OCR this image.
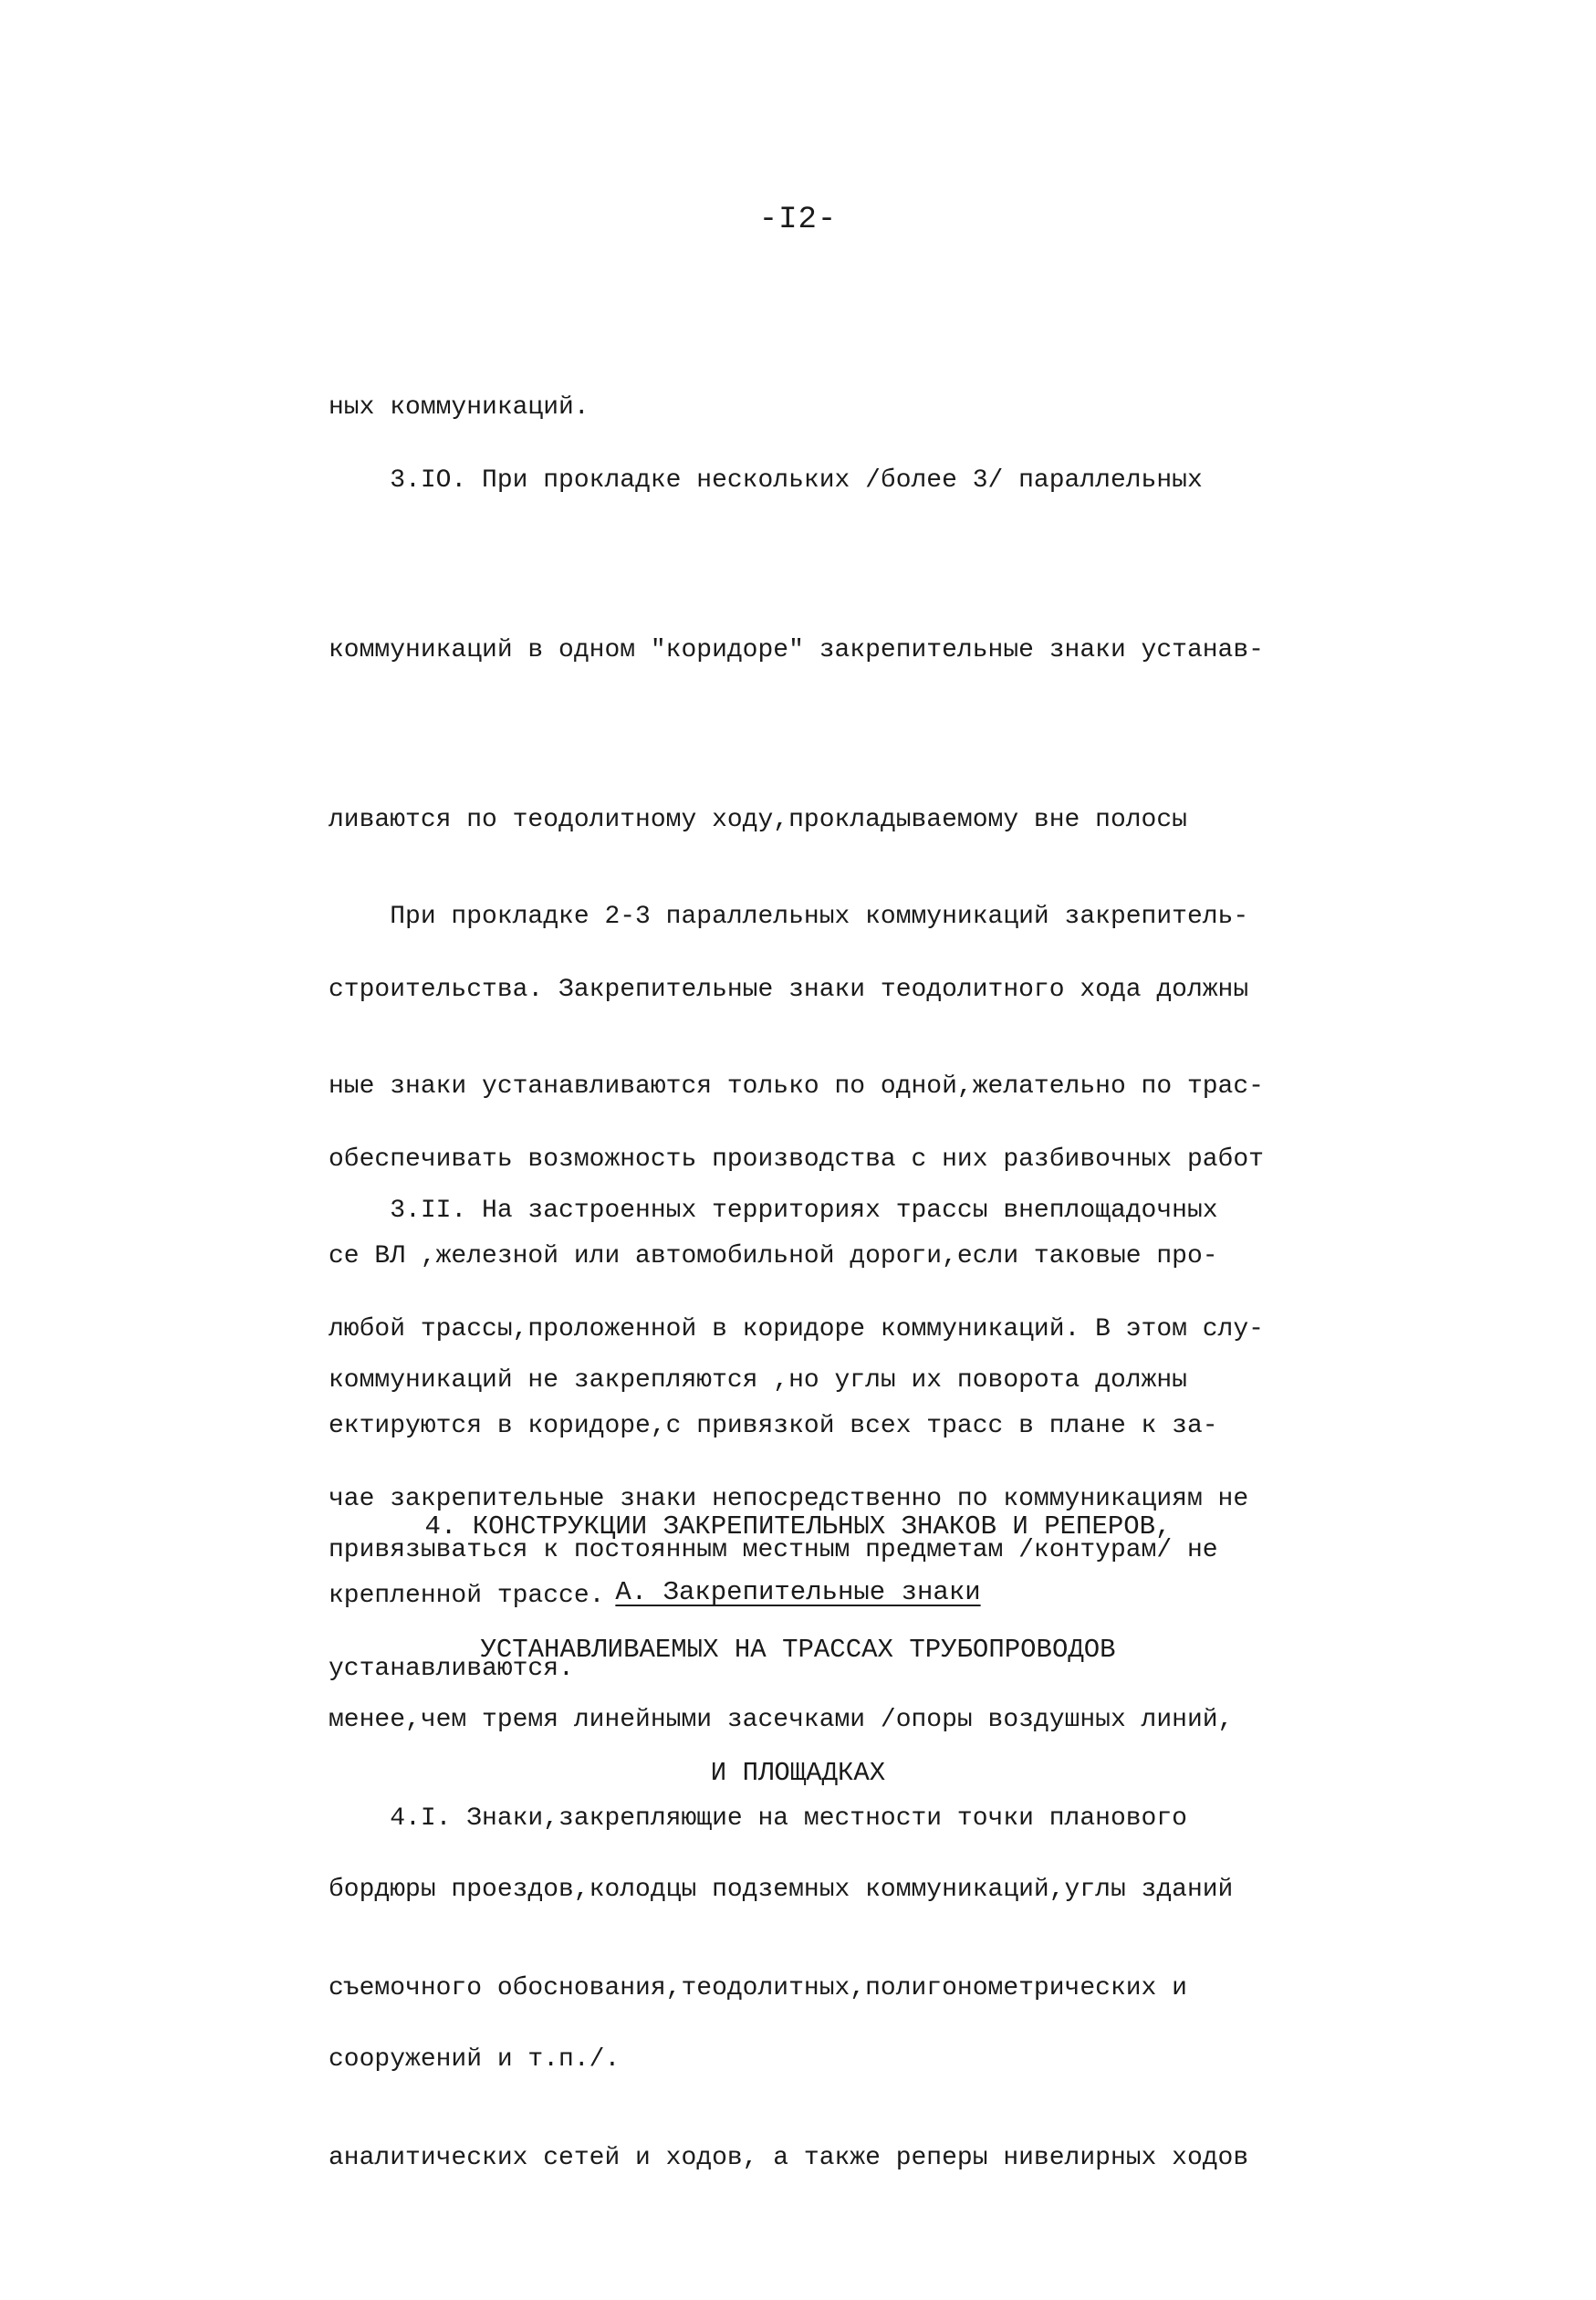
-I2-

ных коммуникаций.

3.IO. При прокладке нескольких /более 3/ параллельных

коммуникаций в одном "коридоре" закрепительные знаки устанав-

ливаются по теодолитному ходу,прокладываемому вне полосы

строительства. Закрепительные знаки теодолитного хода должны

обеспечивать возможность производства с них разбивочных работ

любой трассы,проложенной в коридоре коммуникаций. В этом слу-

чае закрепительные знаки непосредственно по коммуникациям не

устанавливаются.

При прокладке 2-3 параллельных коммуникаций закрепитель-

ные знаки устанавливаются только по одной,желательно по трас-

се ВЛ ,железной или автомобильной дороги,если таковые про-

ектируются в коридоре,с привязкой всех трасс в плане к за-

крепленной трассе.

3.II. На застроенных территориях трассы внеплощадочных

коммуникаций не закрепляются ,но углы их поворота должны

привязываться к постоянным местным предметам /контурам/ не

менее,чем тремя линейными засечками /опоры воздушных линий,

бордюры проездов,колодцы подземных коммуникаций,углы зданий

сооружений и т.п./.

4. КОНСТРУКЦИИ ЗАКРЕПИТЕЛЬНЫХ ЗНАКОВ И РЕПЕРОВ,

УСТАНАВЛИВАЕМЫХ НА ТРАССАХ ТРУБОПРОВОДОВ

И ПЛОЩАДКАХ

А. Закрепительные знаки

4.I. Знаки,закрепляющие на местности точки планового

съемочного обоснования,теодолитных,полигонометрических и

аналитических сетей и ходов, а также реперы нивелирных ходов
